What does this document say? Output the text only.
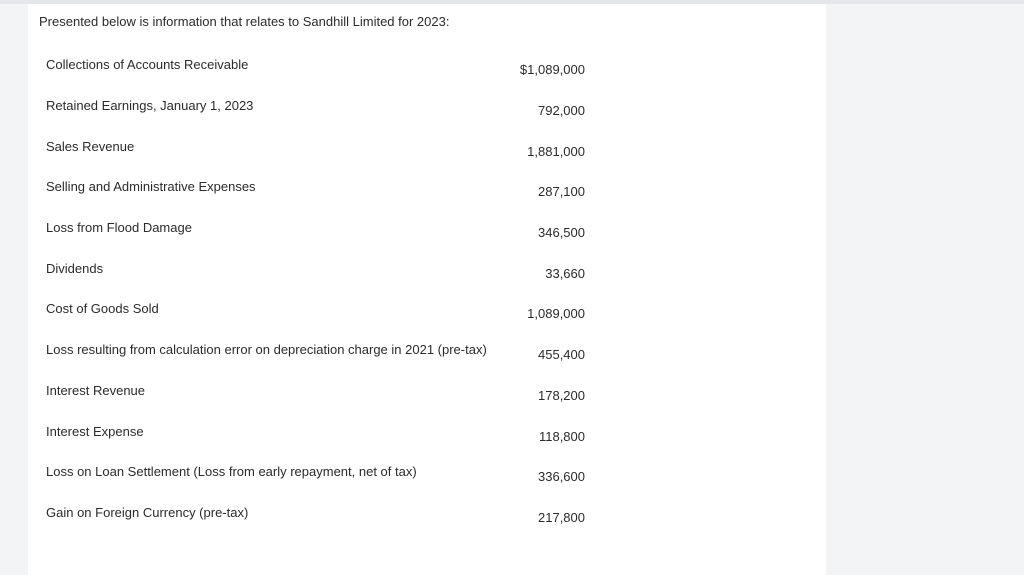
Presented below is information that relates to Sandhill Limited for 2023:
Collections of Accounts Receivable	$1,089,000
Retained Earnings, January 1, 2023	792,000
Sales Revenue	1,881,000
Selling and Administrative Expenses	287,100
Loss from Flood Damage	346,500
Dividends	33,660
Cost of Goods Sold	1,089,000
Loss resulting from calculation error on depreciation charge in 2021 (pre-tax)	455,400
Interest Revenue	178,200
Interest Expense	118,800
Loss on Loan Settlement (Loss from early repayment, net of tax)	336,600
Gain on Foreign Currency (pre-tax)	217,800
